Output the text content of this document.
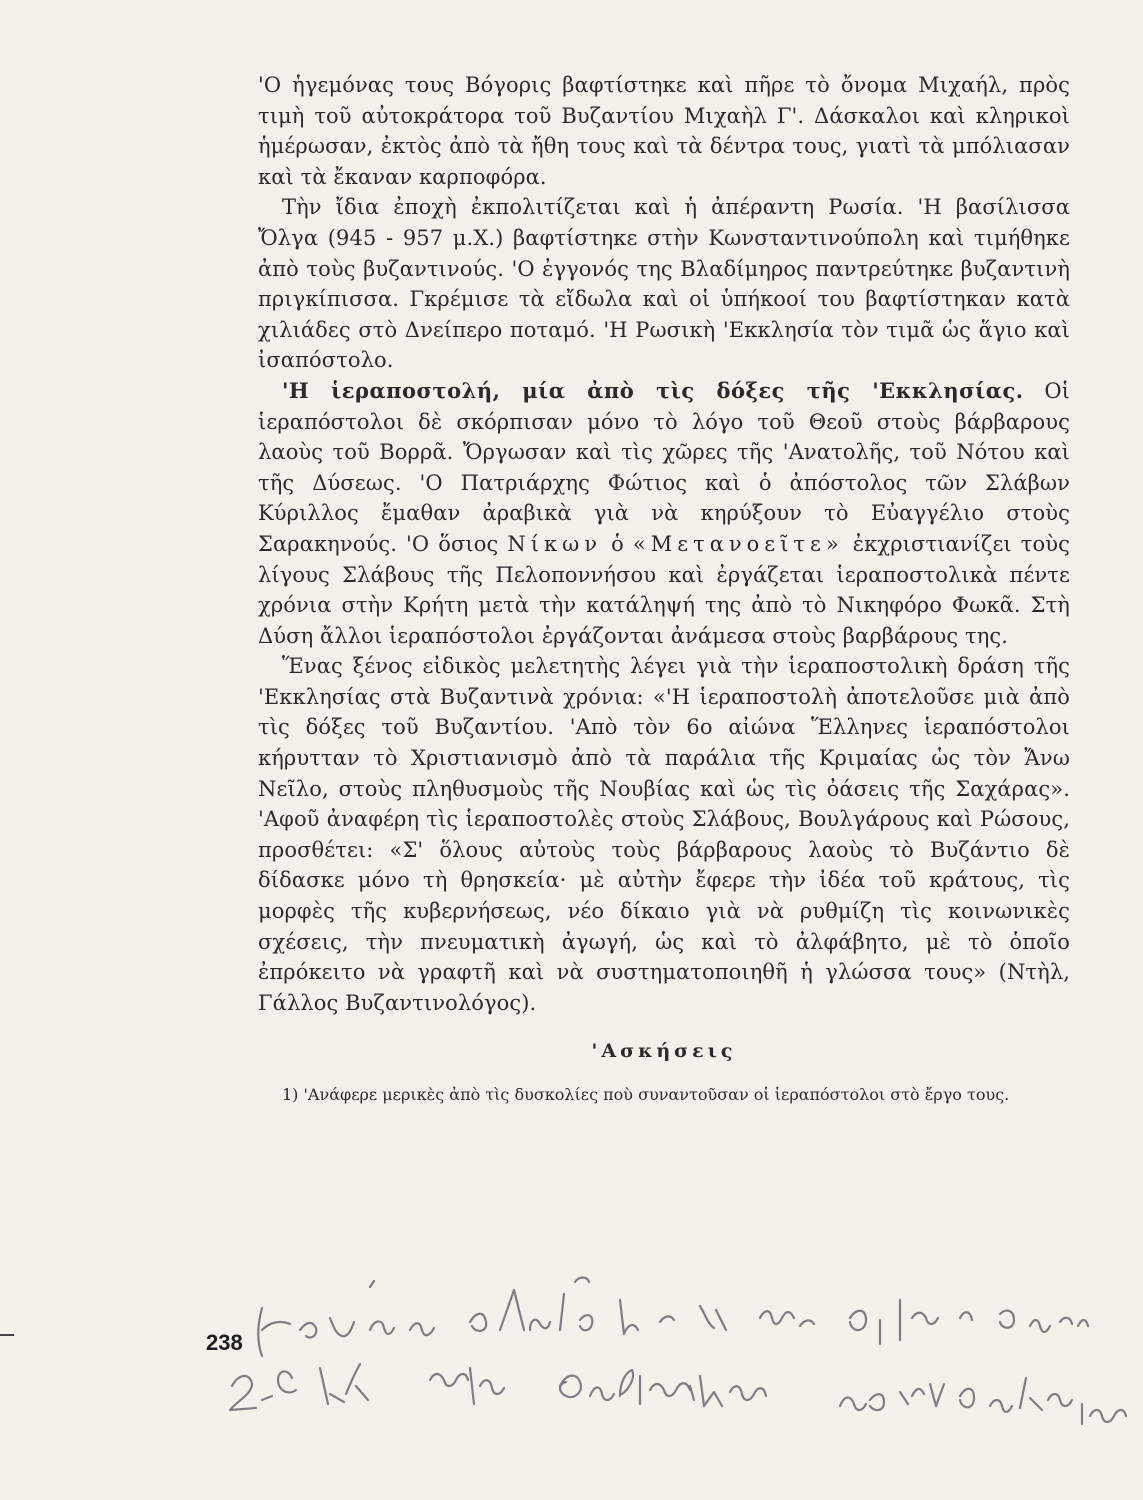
'Ο ἡγεμόνας τους Βόγορις βαφτίστηκε καὶ πῆρε τὸ ὄνομα Μιχαήλ, πρὸς τιμὴ τοῦ αὐτοκράτορα τοῦ Βυζαντίου Μιχαὴλ Γ'. Δάσκαλοι καὶ κληρικοὶ ἡμέρωσαν, ἐκτὸς ἀπὸ τὰ ἤθη τους καὶ τὰ δέντρα τους, γιατὶ τὰ μπόλιασαν καὶ τὰ ἔκαναν καρποφόρα.

Τὴν ἴδια ἐποχὴ ἐκπολιτίζεται καὶ ἡ ἀπέραντη Ρωσία. 'Η βασίλισσα Ὄλγα (945 - 957 μ.Χ.) βαφτίστηκε στὴν Κωνσταντινούπολη καὶ τιμήθηκε ἀπὸ τοὺς βυζαντινούς. 'Ο ἐγγονός της Βλαδίμηρος παντρεύτηκε βυζαντινὴ πριγκίπισσα. Γκρέμισε τὰ εἴδωλα καὶ οἱ ὑπήκοοί του βαφτίστηκαν κατὰ χιλιάδες στὸ Δνείπερο ποταμό. 'Η Ρωσικὴ 'Εκκλησία τὸν τιμᾶ ὡς ἅγιο καὶ ἰσαπόστολο.

'Η ἱεραποστολή, μία ἀπὸ τὶς δόξες τῆς 'Εκκλησίας. Οἱ ἱεραπόστολοι δὲ σκόρπισαν μόνο τὸ λόγο τοῦ Θεοῦ στοὺς βάρβαρους λαοὺς τοῦ Βορρᾶ. Ὄργωσαν καὶ τὶς χῶρες τῆς 'Ανατολῆς, τοῦ Νότου καὶ τῆς Δύσεως. 'Ο Πατριάρχης Φώτιος καὶ ὁ ἀπόστολος τῶν Σλάβων Κύριλλος ἔμαθαν ἀραβικὰ γιὰ νὰ κηρύξουν τὸ Εὐαγγέλιο στοὺς Σαρακηνούς. 'Ο ὅσιος Νίκων ὁ «Μετανοεῖτε» ἐκχριστιανίζει τοὺς λίγους Σλάβους τῆς Πελοποννήσου καὶ ἐργάζεται ἱεραποστολικὰ πέντε χρόνια στὴν Κρήτη μετὰ τὴν κατάληψή της ἀπὸ τὸ Νικηφόρο Φωκᾶ. Στὴ Δύση ἄλλοι ἱεραπόστολοι ἐργάζονται ἀνάμεσα στοὺς βαρβάρους της.

Ἕνας ξένος εἰδικὸς μελετητὴς λέγει γιὰ τὴν ἱεραποστολικὴ δράση τῆς 'Εκκλησίας στὰ Βυζαντινὰ χρόνια: «'Η ἱεραποστολὴ ἀποτελοῦσε μιὰ ἀπὸ τὶς δόξες τοῦ Βυζαντίου. 'Απὸ τὸν 6ο αἰώνα Ἕλληνες ἱεραπόστολοι κήρυτταν τὸ Χριστιανισμὸ ἀπὸ τὰ παράλια τῆς Κριμαίας ὡς τὸν Ἄνω Νεῖλο, στοὺς πληθυσμοὺς τῆς Νουβίας καὶ ὡς τὶς ὀάσεις τῆς Σαχάρας». 'Αφοῦ ἀναφέρη τὶς ἱεραποστολὲς στοὺς Σλάβους, Βουλγάρους καὶ Ρώσους, προσθέτει: «Σ' ὅλους αὐτοὺς τοὺς βάρβαρους λαοὺς τὸ Βυζάντιο δὲ δίδασκε μόνο τὴ θρησκεία· μὲ αὐτὴν ἔφερε τὴν ἰδέα τοῦ κράτους, τὶς μορφὲς τῆς κυβερνήσεως, νέο δίκαιο γιὰ νὰ ρυθμίζη τὶς κοινωνικὲς σχέσεις, τὴν πνευματικὴ ἀγωγή, ὡς καὶ τὸ ἀλφάβητο, μὲ τὸ ὁποῖο ἐπρόκειτο νὰ γραφτῆ καὶ νὰ συστηματοποιηθῆ ἡ γλώσσα τους» (Ντὴλ, Γάλλος Βυζαντινολόγος).

'Ασκήσεις

1) 'Ανάφερε μερικὲς ἀπὸ τὶς δυσκολίες ποὺ συναντοῦσαν οἱ ἱεραπόστολοι στὸ ἔργο τους.

238
